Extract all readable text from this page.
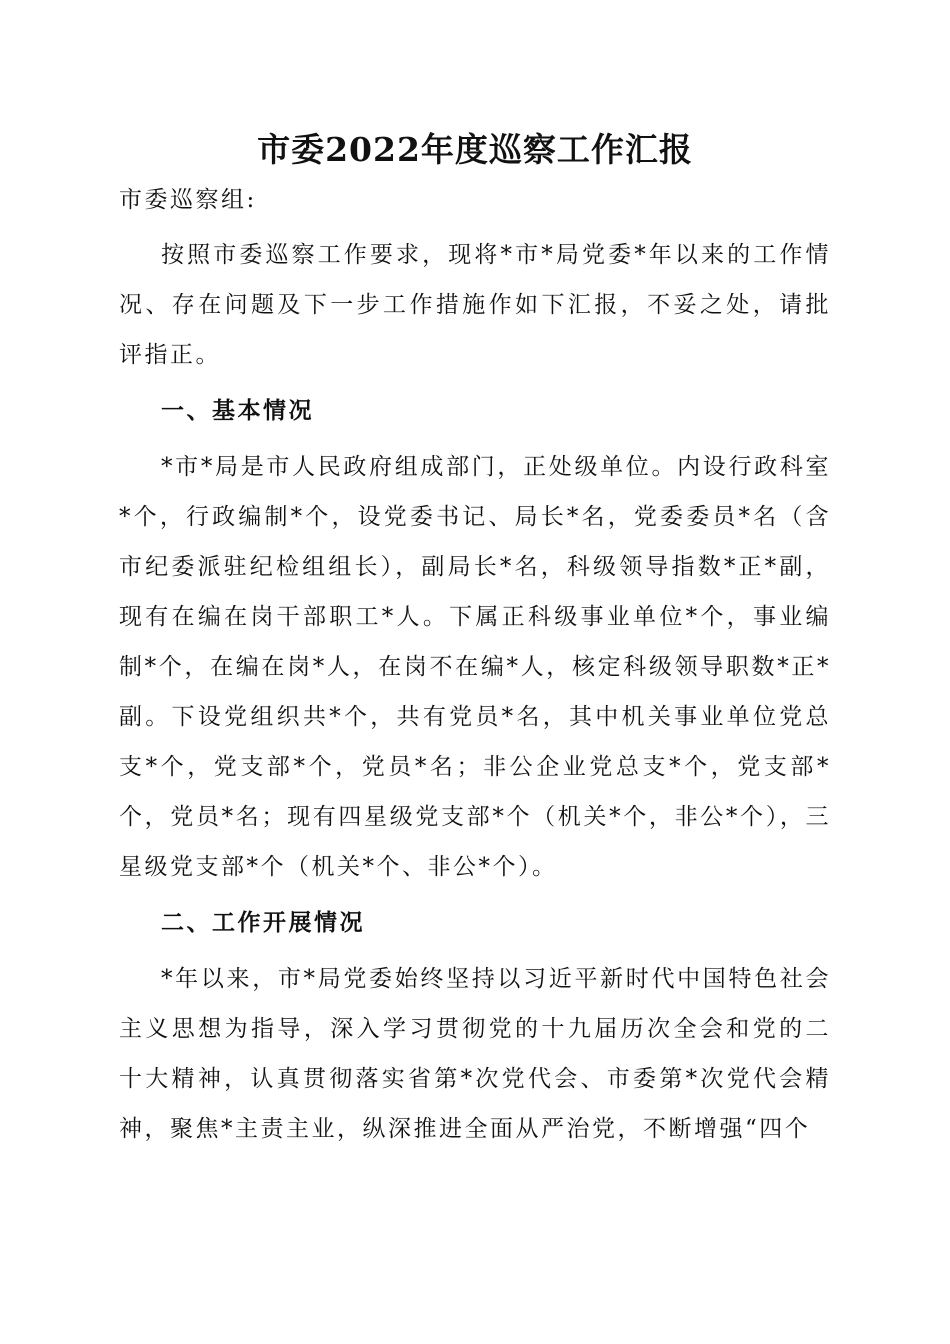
市委2022年度巡察工作汇报

市委巡察组:

按照市委巡察工作要求，现将*市*局党委*年以来的工作情况、存在问题及下一步工作措施作如下汇报，不妥之处，请批评指正。

一、基本情况

*市*局是市人民政府组成部门，正处级单位。内设行政科室*个，行政编制*个，设党委书记、局长*名，党委委员*名（含市纪委派驻纪检组组长），副局长*名，科级领导指数*正*副，现有在编在岗干部职工*人。下属正科级事业单位*个，事业编制*个，在编在岗*人，在岗不在编*人，核定科级领导职数*正*副。下设党组织共*个，共有党员*名，其中机关事业单位党总支*个，党支部*个，党员*名；非公企业党总支*个，党支部*个，党员*名；现有四星级党支部*个（机关*个，非公*个），三星级党支部*个（机关*个、非公*个）。

二、工作开展情况

*年以来，市*局党委始终坚持以习近平新时代中国特色社会主义思想为指导，深入学习贯彻党的十九届历次全会和党的二十大精神，认真贯彻落实省第*次党代会、市委第*次党代会精神，聚焦*主责主业，纵深推进全面从严治党，不断增强“四个
